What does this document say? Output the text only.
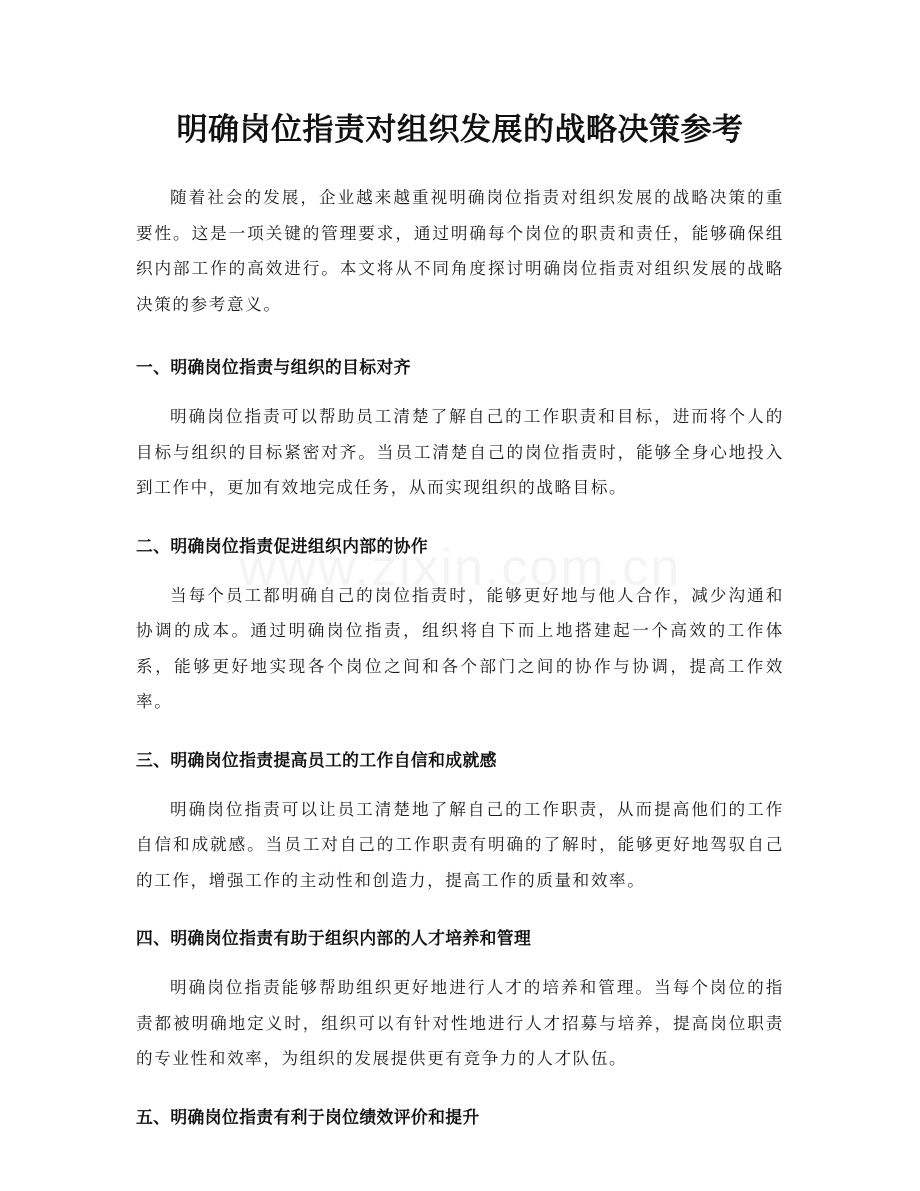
明确岗位指责对组织发展的战略决策参考

随着社会的发展，企业越来越重视明确岗位指责对组织发展的战略决策的重要性。这是一项关键的管理要求，通过明确每个岗位的职责和责任，能够确保组织内部工作的高效进行。本文将从不同角度探讨明确岗位指责对组织发展的战略决策的参考意义。

一、明确岗位指责与组织的目标对齐

明确岗位指责可以帮助员工清楚了解自己的工作职责和目标，进而将个人的目标与组织的目标紧密对齐。当员工清楚自己的岗位指责时，能够全身心地投入到工作中，更加有效地完成任务，从而实现组织的战略目标。

二、明确岗位指责促进组织内部的协作

当每个员工都明确自己的岗位指责时，能够更好地与他人合作，减少沟通和协调的成本。通过明确岗位指责，组织将自下而上地搭建起一个高效的工作体系，能够更好地实现各个岗位之间和各个部门之间的协作与协调，提高工作效率。

三、明确岗位指责提高员工的工作自信和成就感

明确岗位指责可以让员工清楚地了解自己的工作职责，从而提高他们的工作自信和成就感。当员工对自己的工作职责有明确的了解时，能够更好地驾驭自己的工作，增强工作的主动性和创造力，提高工作的质量和效率。

四、明确岗位指责有助于组织内部的人才培养和管理

明确岗位指责能够帮助组织更好地进行人才的培养和管理。当每个岗位的指责都被明确地定义时，组织可以有针对性地进行人才招募与培养，提高岗位职责的专业性和效率，为组织的发展提供更有竞争力的人才队伍。

五、明确岗位指责有利于岗位绩效评价和提升
